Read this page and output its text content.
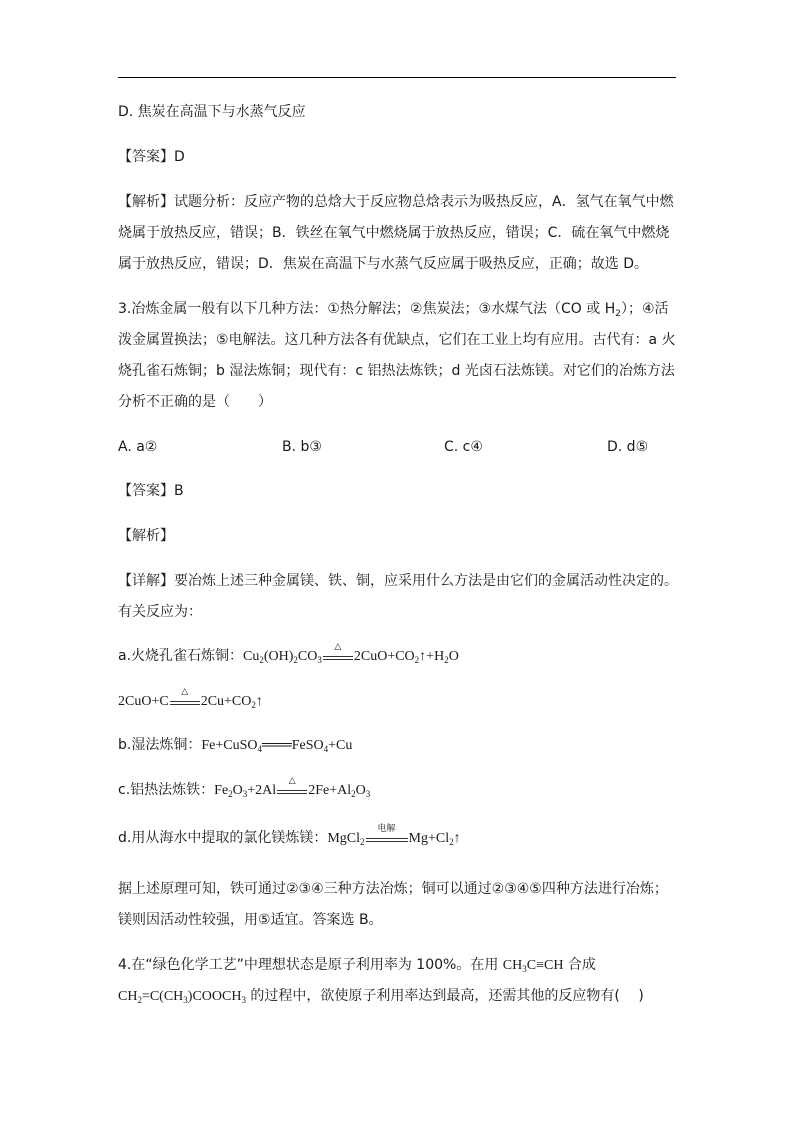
D. 焦炭在高温下与水蒸气反应
【答案】D
【解析】试题分析：反应产物的总焓大于反应物总焓表示为吸热反应，A．氢气在氧气中燃
烧属于放热反应，错误；B．铁丝在氧气中燃烧属于放热反应，错误；C．硫在氧气中燃烧
属于放热反应，错误；D．焦炭在高温下与水蒸气反应属于吸热反应，正确；故选 D。
3.冶炼金属一般有以下几种方法：①热分解法；②焦炭法；③水煤气法（CO 或 $H_2$）；④活
泼金属置换法；⑤电解法。这几种方法各有优缺点，它们在工业上均有应用。古代有：a 火
烧孔雀石炼铜；b 湿法炼铜；现代有：c 铝热法炼铁；d 光卤石法炼镁。对它们的冶炼方法
分析不正确的是（　　）
A. a②	B. b③	C. c④	D. d⑤
【答案】B
【解析】
【详解】要冶炼上述三种金属镁、铁、铜，应采用什么方法是由它们的金属活动性决定的。
有关反应为：
a.火烧孔雀石炼铜：$Cu_2(OH)_2CO_3$
△
$2CuO+CO_2↑+H_2O$
2CuO+C
△
$2Cu+CO_2↑$
b.湿法炼铜：Fe+CuSO$_4$═══FeSO$_4$+Cu
c.铝热法炼铁：$Fe_2O_3+2Al$
△
$2Fe+Al_2O_3$
d.用从海水中提取的氯化镁炼镁：MgCl$_2$
电解
$Mg+Cl_2↑$
据上述原理可知，铁可通过②③④三种方法冶炼；铜可以通过②③④⑤四种方法进行冶炼；
镁则因活动性较强，用⑤适宜。答案选 B。
4.在“绿色化学工艺”中理想状态是原子利用率为 100%。在用 $CH_3C\equiv CH$ 合成
$CH_2=C(CH_3)COOCH_3$ 的过程中，欲使原子利用率达到最高，还需其他的反应物有(　 )
